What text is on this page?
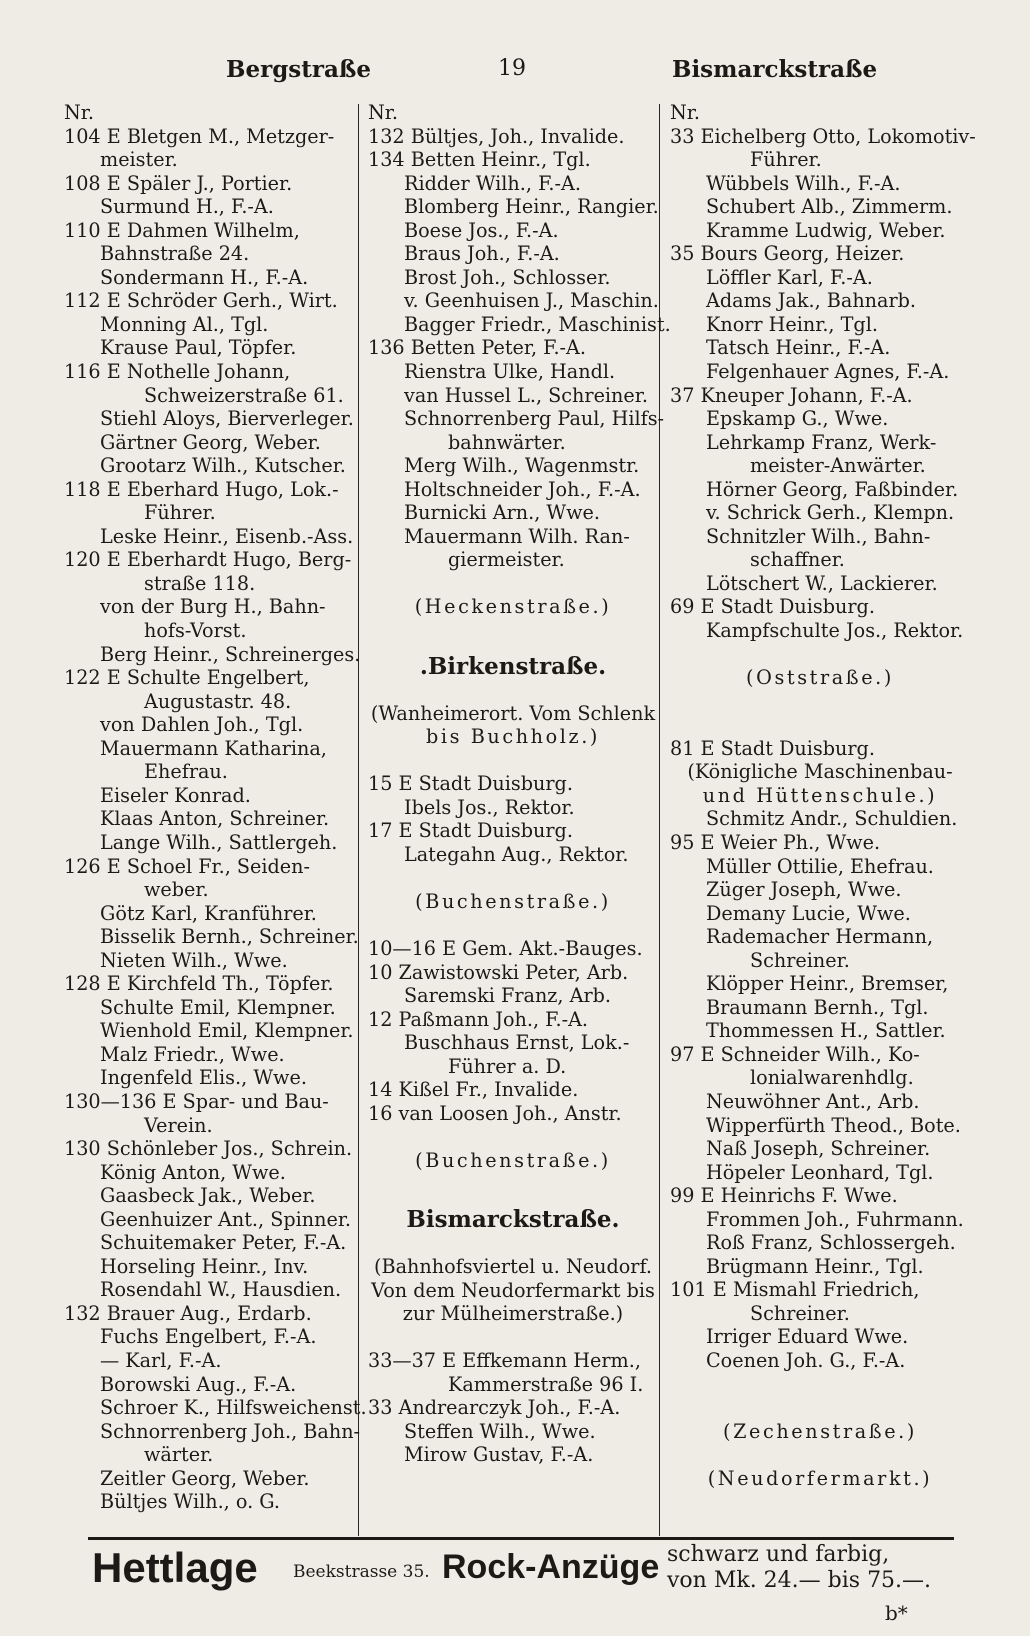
Bergstraße	19	Bismarckstraße
Nr.
104 E Bletgen M., Metzger-
meister.
108 E Späler J., Portier.
Surmund H., F.-A.
110 E Dahmen Wilhelm,
Bahnstraße 24.
Sondermann H., F.-A.
112 E Schröder Gerh., Wirt.
Monning Al., Tgl.
Krause Paul, Töpfer.
116 E Nothelle Johann,
Schweizerstraße 61.
Stiehl Aloys, Bierverleger.
Gärtner Georg, Weber.
Grootarz Wilh., Kutscher.
118 E Eberhard Hugo, Lok.-
Führer.
Leske Heinr., Eisenb.-Ass.
120 E Eberhardt Hugo, Berg-
straße 118.
von der Burg H., Bahn-
hofs-Vorst.
Berg Heinr., Schreinerges.
122 E Schulte Engelbert,
Augustastr. 48.
von Dahlen Joh., Tgl.
Mauermann Katharina,
Ehefrau.
Eiseler Konrad.
Klaas Anton, Schreiner.
Lange Wilh., Sattlergeh.
126 E Schoel Fr., Seiden-
weber.
Götz Karl, Kranführer.
Bisselik Bernh., Schreiner.
Nieten Wilh., Wwe.
128 E Kirchfeld Th., Töpfer.
Schulte Emil, Klempner.
Wienhold Emil, Klempner.
Malz Friedr., Wwe.
Ingenfeld Elis., Wwe.
130—136 E Spar- und Bau-
Verein.
130 Schönleber Jos., Schrein.
König Anton, Wwe.
Gaasbeck Jak., Weber.
Geenhuizer Ant., Spinner.
Schuitemaker Peter, F.-A.
Horseling Heinr., Inv.
Rosendahl W., Hausdien.
132 Brauer Aug., Erdarb.
Fuchs Engelbert, F.-A.
— Karl, F.-A.
Borowski Aug., F.-A.
Schroer K., Hilfsweichenst.
Schnorrenberg Joh., Bahn-
wärter.
Zeitler Georg, Weber.
Bültjes Wilh., o. G.
Nr.
132 Bültjes, Joh., Invalide.
134 Betten Heinr., Tgl.
Ridder Wilh., F.-A.
Blomberg Heinr., Rangier.
Boese Jos., F.-A.
Braus Joh., F.-A.
Brost Joh., Schlosser.
v. Geenhuisen J., Maschin.
Bagger Friedr., Maschinist.
136 Betten Peter, F.-A.
Rienstra Ulke, Handl.
van Hussel L., Schreiner.
Schnorrenberg Paul, Hilfs-
bahnwärter.
Merg Wilh., Wagenmstr.
Holtschneider Joh., F.-A.
Burnicki Arn., Wwe.
Mauermann Wilh. Ran-
giermeister.
(Heckenstraße.)
.Birkenstraße.
(Wanheimerort. Vom Schlenk
bis Buchholz.)
15 E Stadt Duisburg.
Ibels Jos., Rektor.
17 E Stadt Duisburg.
Lategahn Aug., Rektor.
(Buchenstraße.)
10—16 E Gem. Akt.-Bauges.
10 Zawistowski Peter, Arb.
Saremski Franz, Arb.
12 Paßmann Joh., F.-A.
Buschhaus Ernst, Lok.-
Führer a. D.
14 Kißel Fr., Invalide.
16 van Loosen Joh., Anstr.
(Buchenstraße.)
Bismarckstraße.
(Bahnhofsviertel u. Neudorf.
Von dem Neudorfermarkt bis
zur Mülheimerstraße.)
33—37 E Effkemann Herm.,
Kammerstraße 96 I.
33 Andrearczyk Joh., F.-A.
Steffen Wilh., Wwe.
Mirow Gustav, F.-A.
Nr.
33 Eichelberg Otto, Lokomotiv-
Führer.
Wübbels Wilh., F.-A.
Schubert Alb., Zimmerm.
Kramme Ludwig, Weber.
35 Bours Georg, Heizer.
Löffler Karl, F.-A.
Adams Jak., Bahnarb.
Knorr Heinr., Tgl.
Tatsch Heinr., F.-A.
Felgenhauer Agnes, F.-A.
37 Kneuper Johann, F.-A.
Epskamp G., Wwe.
Lehrkamp Franz, Werk-
meister-Anwärter.
Hörner Georg, Faßbinder.
v. Schrick Gerh., Klempn.
Schnitzler Wilh., Bahn-
schaffner.
Lötschert W., Lackierer.
69 E Stadt Duisburg.
Kampfschulte Jos., Rektor.
(Oststraße.)
81 E Stadt Duisburg.
(Königliche Maschinenbau-
und Hüttenschule.)
Schmitz Andr., Schuldien.
95 E Weier Ph., Wwe.
Müller Ottilie, Ehefrau.
Züger Joseph, Wwe.
Demany Lucie, Wwe.
Rademacher Hermann,
Schreiner.
Klöpper Heinr., Bremser,
Braumann Bernh., Tgl.
Thommessen H., Sattler.
97 E Schneider Wilh., Ko-
lonialwarenhdlg.
Neuwöhner Ant., Arb.
Wipperfürth Theod., Bote.
Naß Joseph, Schreiner.
Höpeler Leonhard, Tgl.
99 E Heinrichs F. Wwe.
Frommen Joh., Fuhrmann.
Roß Franz, Schlossergeh.
Brügmann Heinr., Tgl.
101 E Mismahl Friedrich,
Schreiner.
Irriger Eduard Wwe.
Coenen Joh. G., F.-A.
(Zechenstraße.)
(Neudorfermarkt.)
Hettlage Beekstrasse 35. Rock-Anzüge schwarz und farbig,
von Mk. 24.— bis 75.—.
b*
